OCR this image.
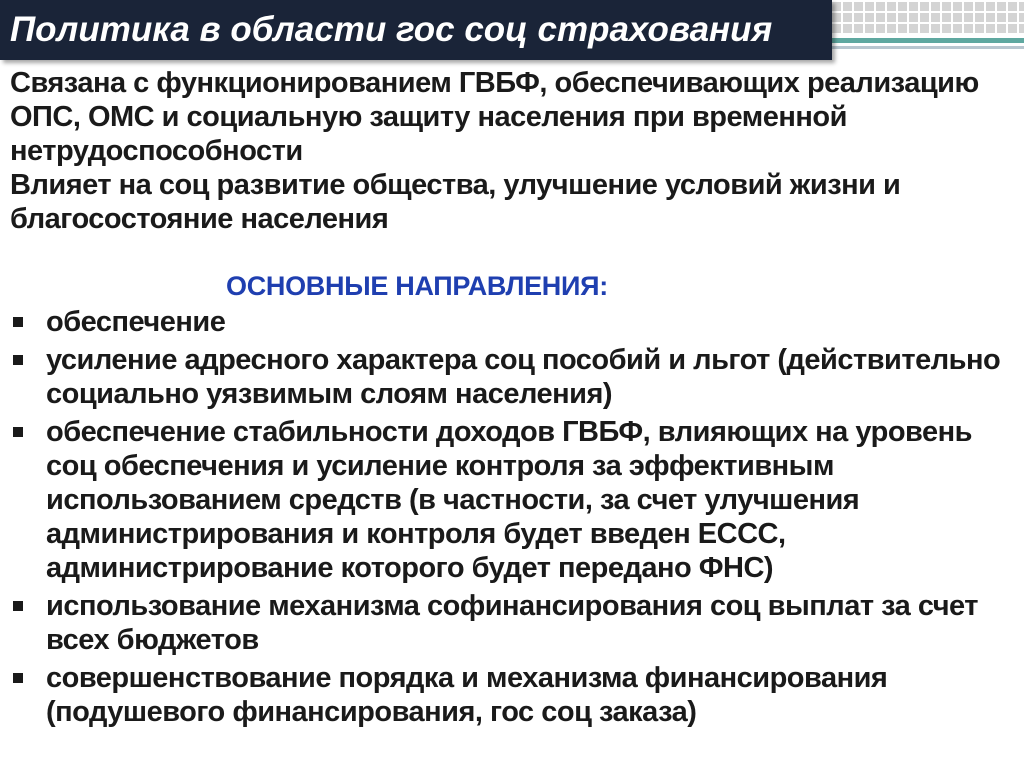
Политика в области гос соц страхования

Связана с функционированием ГВБФ, обеспечивающих реализацию ОПС, ОМС и социальную защиту населения при временной нетрудоспособности

Влияет на соц развитие общества, улучшение условий жизни и благосостояние населения

ОСНОВНЫЕ НАПРАВЛЕНИЯ:
обеспечение
усиление адресного характера соц пособий и льгот (действительно социально уязвимым слоям населения)
обеспечение стабильности доходов ГВБФ, влияющих на уровень соц обеспечения и усиление контроля за эффективным использованием средств (в частности, за счет улучшения администрирования и контроля будет введен ЕССС, администрирование которого будет передано ФНС)
использование механизма софинансирования соц выплат за счет всех бюджетов
совершенствование порядка и механизма финансирования (подушевого финансирования, гос соц заказа)
